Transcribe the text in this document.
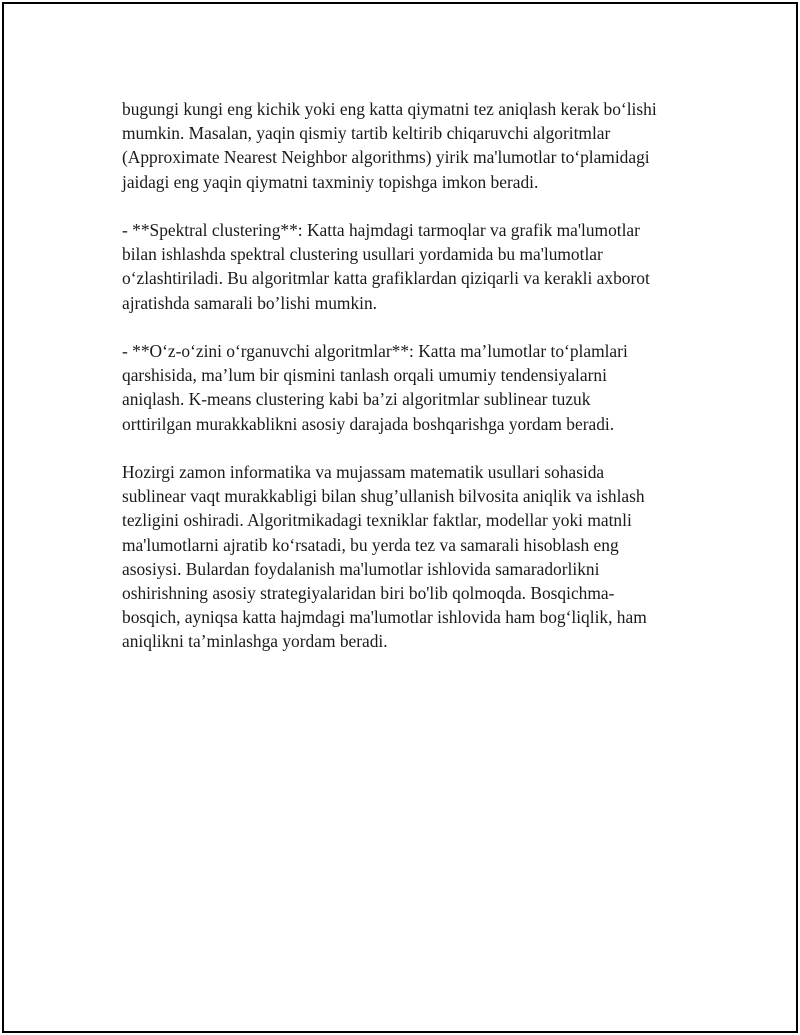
bugungi kungi eng kichik yoki eng katta qiymatni tez aniqlash kerak bo‘lishi
mumkin. Masalan, yaqin qismiy tartib keltirib chiqaruvchi algoritmlar
(Approximate Nearest Neighbor algorithms) yirik ma'lumotlar to‘plamidagi
jaidagi eng yaqin qiymatni taxminiy topishga imkon beradi.

- **Spektral clustering**: Katta hajmdagi tarmoqlar va grafik ma'lumotlar
bilan ishlashda spektral clustering usullari yordamida bu ma'lumotlar
o‘zlashtiriladi. Bu algoritmlar katta grafiklardan qiziqarli va kerakli axborot
ajratishda samarali bo’lishi mumkin.

- **O‘z-o‘zini o‘rganuvchi algoritmlar**: Katta ma’lumotlar to‘plamlari
qarshisida, ma’lum bir qismini tanlash orqali umumiy tendensiyalarni
aniqlash. K-means clustering kabi ba’zi algoritmlar sublinear tuzuk
orttirilgan murakkablikni asosiy darajada boshqarishga yordam beradi.

Hozirgi zamon informatika va mujassam matematik usullari sohasida
sublinear vaqt murakkabligi bilan shug’ullanish bilvosita aniqlik va ishlash
tezligini oshiradi. Algoritmikadagi texniklar faktlar, modellar yoki matnli
ma'lumotlarni ajratib ko‘rsatadi, bu yerda tez va samarali hisoblash eng
asosiysi. Bulardan foydalanish ma'lumotlar ishlovida samaradorlikni
oshirishning asosiy strategiyalaridan biri bo'lib qolmoqda. Bosqichma-
bosqich, ayniqsa katta hajmdagi ma'lumotlar ishlovida ham bog‘liqlik, ham
aniqlikni ta’minlashga yordam beradi.
